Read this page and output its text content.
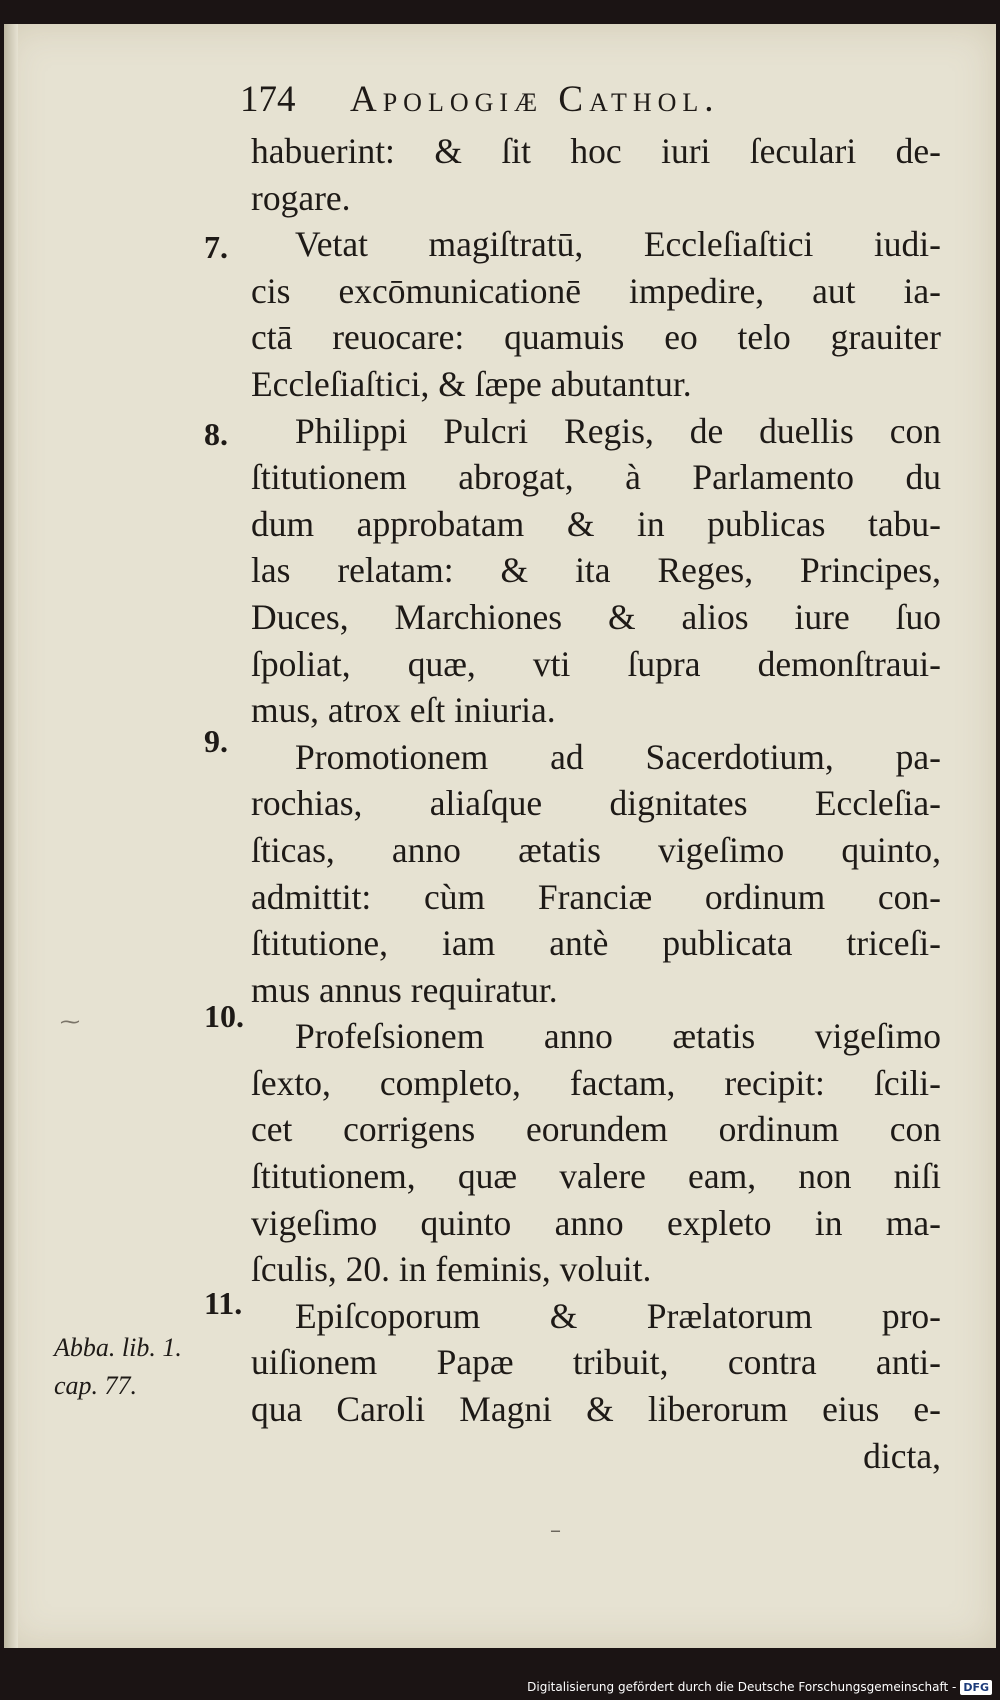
174 Apologiæ Cathol.
7.
8.
9.
10.
11.
habuerint: & ſit hoc iuri ſeculari de-
rogare.
Vetat magiſtratū, Eccleſiaſtici iudi-
cis excōmunicationē impedire, aut ia-
ctā reuocare: quamuis eo telo grauiter
Eccleſiaſtici, & ſæpe abutantur.
Philippi Pulcri Regis, de duellis con
ſtitutionem abrogat, à Parlamento du
dum approbatam & in publicas tabu-
las relatam: & ita Reges, Principes,
Duces, Marchiones & alios iure ſuo
ſpoliat, quæ, vti ſupra demonſtraui-
mus, atrox eſt iniuria.
Promotionem ad Sacerdotium, pa-
rochias, aliaſque dignitates Eccleſia-
ſticas, anno ætatis vigeſimo quinto,
admittit: cùm Franciæ ordinum con-
ſtitutione, iam antè publicata triceſi-
mus annus requiratur.
Profeſsionem anno ætatis vigeſimo
ſexto, completo, factam, recipit: ſcili-
cet corrigens eorundem ordinum con
ſtitutionem, quæ valere eam, non niſi
vigeſimo quinto anno expleto in ma-
ſculis, 20. in feminis, voluit.
Epiſcoporum & Prælatorum pro-
uiſionem Papæ tribuit, contra anti-
qua Caroli Magni & liberorum eius e-
dicta,
Abba. lib. 1.
cap. 77.
⁓
–
Digitalisierung gefördert durch die Deutsche Forschungsgemeinschaft - DFG
